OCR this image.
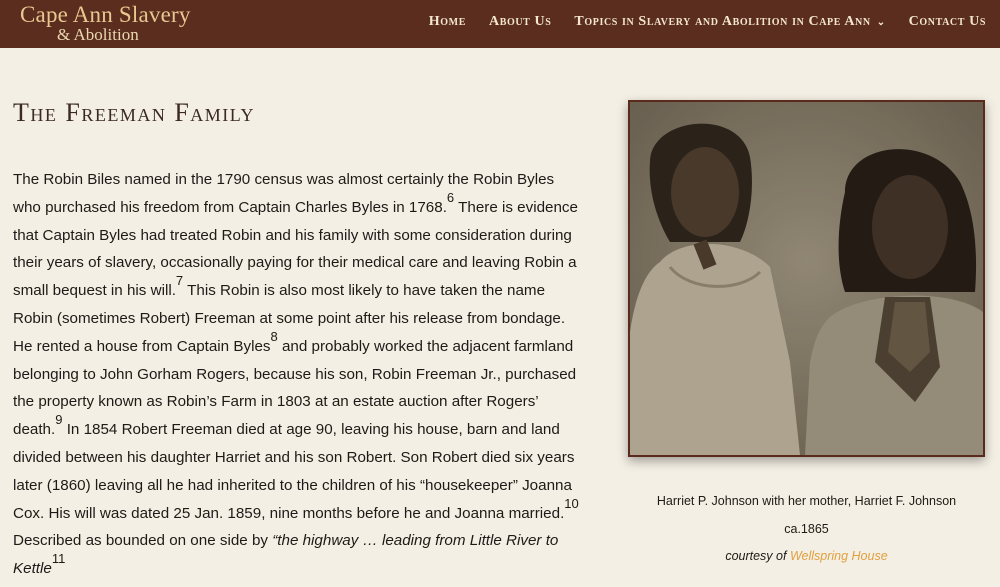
Cape Ann Slavery
& Abolition
Home About Us Topics in Slavery and Abolition in Cape Ann ⌄ Contact Us
The Freeman Family
The Robin Biles named in the 1790 census was almost certainly the Robin Byles who purchased his freedom from Captain Charles Byles in 1768.$^6$ There is evidence that Captain Byles had treated Robin and his family with some consideration during their years of slavery, occasionally paying for their medical care and leaving Robin a small bequest in his will.$^7$ This Robin is also most likely to have taken the name Robin (sometimes Robert) Freeman at some point after his release from bondage. He rented a house from Captain Byles$^8$ and probably worked the adjacent farmland belonging to John Gorham Rogers, because his son, Robin Freeman Jr., purchased the property known as Robin’s Farm in 1803 at an estate auction after Rogers’ death.$^9$ In 1854 Robert Freeman died at age 90, leaving his house, barn and land divided between his daughter Harriet and his son Robert. Son Robert died six years later (1860) leaving all he had inherited to the children of his “housekeeper” Joanna Cox. His will was dated 25 Jan. 1859, nine months before he and Joanna married.$^{10}$ Described as bounded on one side by “the highway … leading from Little River to Kettle$^{11}$
Harriet P. Johnson with her mother, Harriet F. Johnson
ca.1865
courtesy of Wellspring House
